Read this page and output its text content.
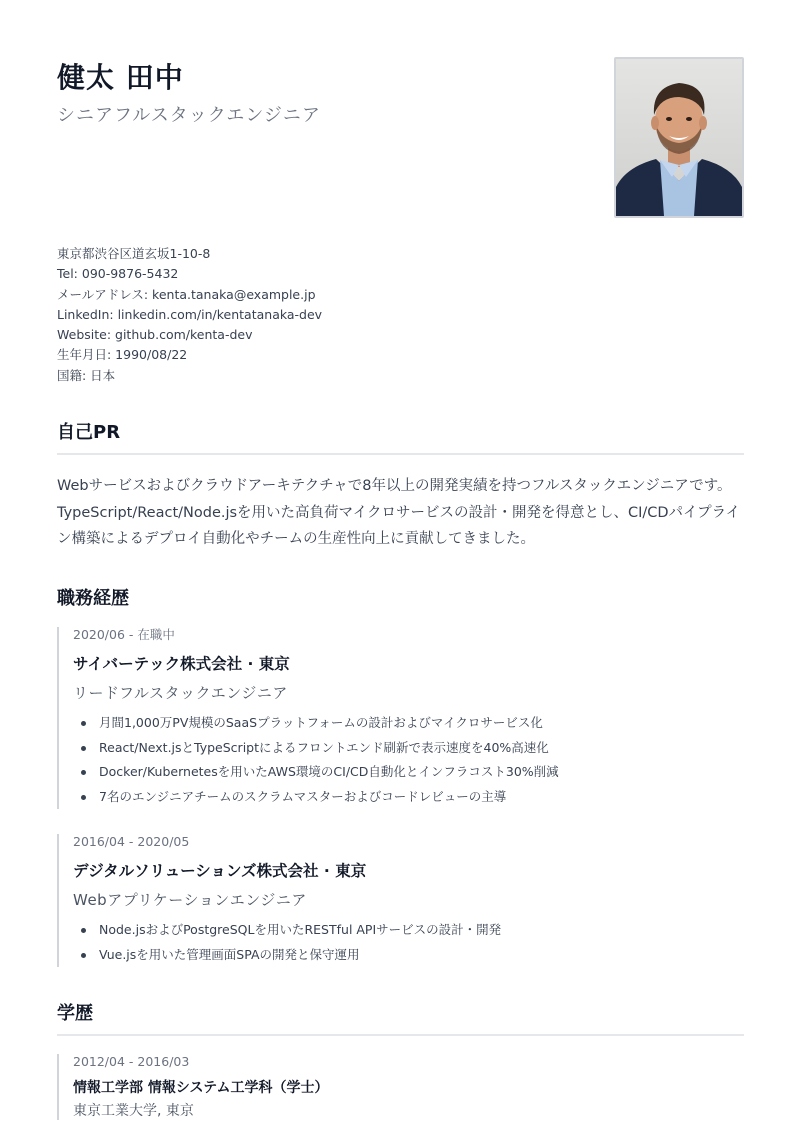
健太 田中
シニアフルスタックエンジニア
東京都渋谷区道玄坂1-10-8
Tel: 090-9876-5432
メールアドレス: kenta.tanaka@example.jp
LinkedIn: linkedin.com/in/kentatanaka-dev
Website: github.com/kenta-dev
生年月日: 1990/08/22
国籍: 日本
自己PR
Webサービスおよびクラウドアーキテクチャで8年以上の開発実績を持つフルスタックエンジニアです。TypeScript/React/Node.jsを用いた高負荷マイクロサービスの設計・開発を得意とし、CI/CDパイプライン構築によるデプロイ自動化やチームの生産性向上に貢献してきました。
職務経歴
2020/06 - 在職中
サイバーテック株式会社 · 東京
リードフルスタックエンジニア
月間1,000万PV規模のSaaSプラットフォームの設計およびマイクロサービス化
React/Next.jsとTypeScriptによるフロントエンド刷新で表示速度を40%高速化
Docker/Kubernetesを用いたAWS環境のCI/CD自動化とインフラコスト30%削減
7名のエンジニアチームのスクラムマスターおよびコードレビューの主導
2016/04 - 2020/05
デジタルソリューションズ株式会社 · 東京
Webアプリケーションエンジニア
Node.jsおよびPostgreSQLを用いたRESTful APIサービスの設計・開発
Vue.jsを用いた管理画面SPAの開発と保守運用
学歴
2012/04 - 2016/03
情報工学部 情報システム工学科（学士）
東京工業大学, 東京
